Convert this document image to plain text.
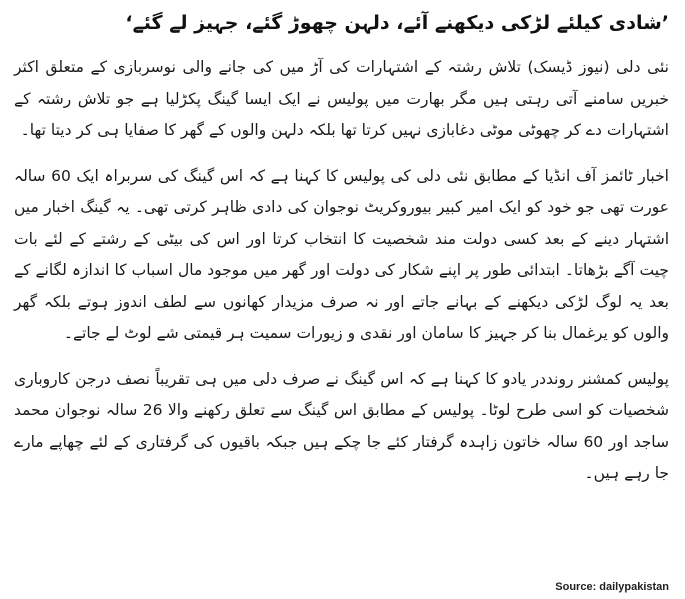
’شادی کیلئے لڑکی دیکھنے آئے، دلہن چھوڑ گئے، جہیز لے گئے‘

نئی دلی (نیوز ڈیسک) تلاش رشتہ کے اشتہارات کی آڑ میں کی جانے والی نوسربازی کے متعلق اکثر خبریں سامنے آتی رہتی ہیں مگر بھارت میں پولیس نے ایک ایسا گینگ پکڑلیا ہے جو تلاش رشتہ کے اشتہارات دے کر چھوٹی موٹی دغابازی نہیں کرتا تھا بلکہ دلہن والوں کے گھر کا صفایا ہی کر دیتا تھا۔

اخبار ٹائمز آف انڈیا کے مطابق نئی دلی کی پولیس کا کہنا ہے کہ اس گینگ کی سربراہ ایک 60 سالہ عورت تھی جو خود کو ایک امیر کبیر بیوروکریٹ نوجوان کی دادی ظاہر کرتی تھی۔ یہ گینگ اخبار میں اشتہار دینے کے بعد کسی دولت مند شخصیت کا انتخاب کرتا اور اس کی بیٹی کے رشتے کے لئے بات چیت آگے بڑھاتا۔ ابتدائی طور پر اپنے شکار کی دولت اور گھر میں موجود مال اسباب کا اندازہ لگانے کے بعد یہ لوگ لڑکی دیکھنے کے بہانے جاتے اور نہ صرف مزیدار کھانوں سے لطف اندوز ہوتے بلکہ گھر والوں کو یرغمال بنا کر جہیز کا سامان اور نقدی و زیورات سمیت ہر قیمتی شے لوٹ لے جاتے۔

پولیس کمشنر رونددر یادو کا کہنا ہے کہ اس گینگ نے صرف دلی میں ہی تقریباً نصف درجن کاروباری شخصیات کو اسی طرح لوٹا۔ پولیس کے مطابق اس گینگ سے تعلق رکھنے والا 26 سالہ نوجوان محمد ساجد اور 60 سالہ خاتون زاہدہ گرفتار کئے جا چکے ہیں جبکہ باقیوں کی گرفتاری کے لئے چھاپے مارے جا رہے ہیں۔

Source: dailypakistan
